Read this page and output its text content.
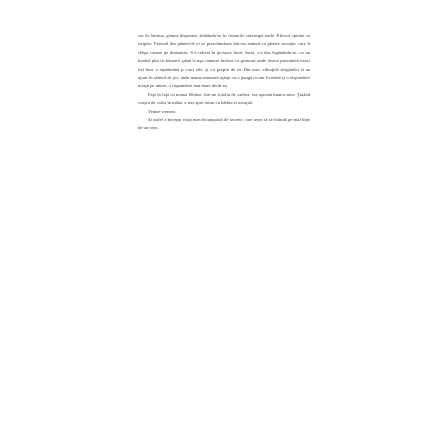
cut în Smirna, gemea disperată, zbătându-se în chinurile suferinţei mele. Efectul opiului se risipise. Pruncul din pântecele ei se preschimbase într-un animal cu gheare ascuţite, care îi sfâşia carnea pe dinăuntru. S-a ridicat în picioare încet, încet, s-a dus legănându-se, cu un burduf plin cu băutură, până la uşa camerei închise cu geamuri unde fusese prizonieră exact trei luni, o săptămână şi cinci zile, şi s-a proptit de ea. Din turn, vibraţiile strigătelor ei au ajuns în sălmul de jos, unde mama urmează aştept cu o pungă cu aur în mână şi o răspundere uriaşă pe umeri, o răspundere mai mare decât ea.

Faţă în faţă cu mama Meline, într-un fotoliu de catifea, era aşezată bunica mea. Ţinând ceaşca de cafea în mână, a tras apoi tavan cu bărbia ei ascuţită.

Venise vremea.

Şi astfel a început viaţa mea încunjurată de secrete, care avea să se întindă pe mai bine de un veac.
